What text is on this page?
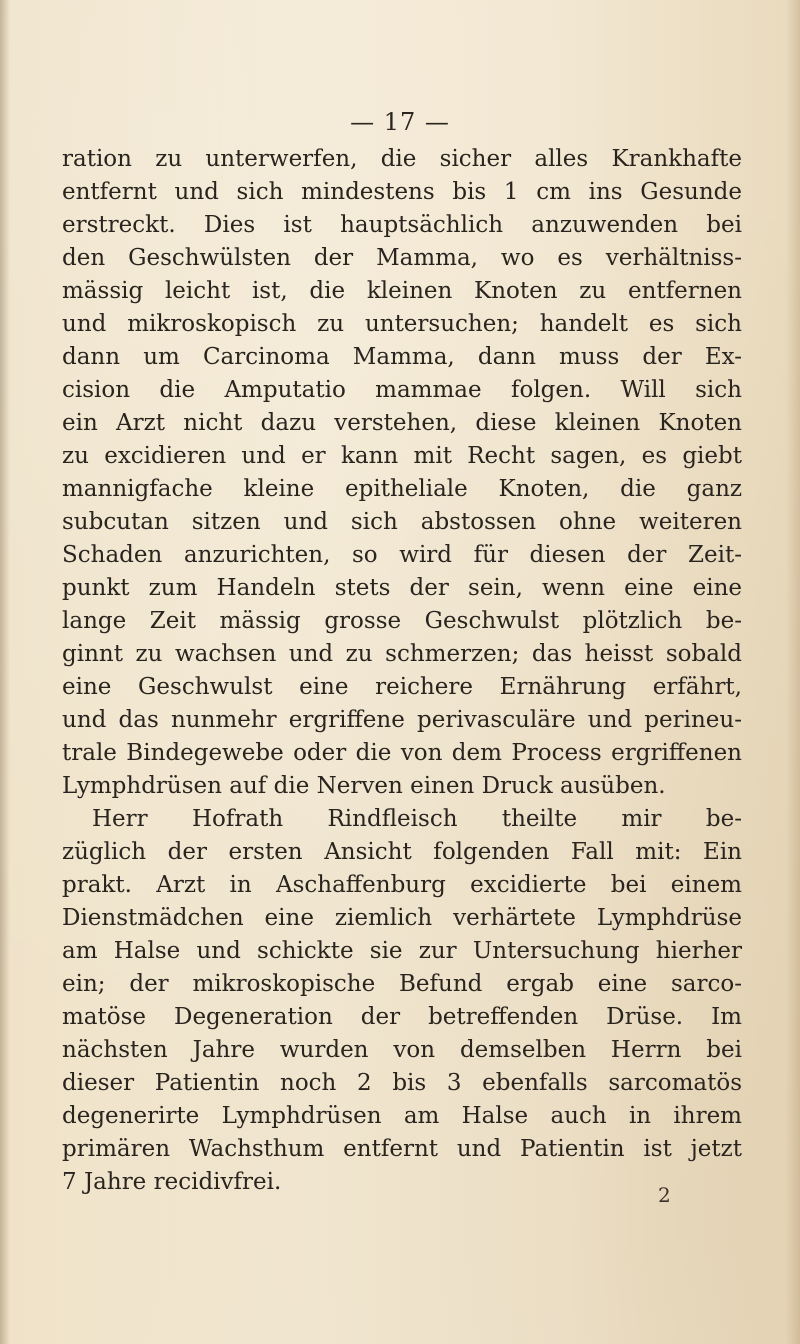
— 17 —
ration zu unterwerfen, die sicher alles Krankhafte
entfernt und sich mindestens bis 1 cm ins Gesunde
erstreckt. Dies ist hauptsächlich anzuwenden bei
den Geschwülsten der Mamma, wo es verhältniss-
mässig leicht ist, die kleinen Knoten zu entfernen
und mikroskopisch zu untersuchen; handelt es sich
dann um Carcinoma Mamma, dann muss der Ex-
cision die Amputatio mammae folgen. Will sich
ein Arzt nicht dazu verstehen, diese kleinen Knoten
zu excidieren und er kann mit Recht sagen, es giebt
mannigfache kleine epitheliale Knoten, die ganz
subcutan sitzen und sich abstossen ohne weiteren
Schaden anzurichten, so wird für diesen der Zeit-
punkt zum Handeln stets der sein, wenn eine eine
lange Zeit mässig grosse Geschwulst plötzlich be-
ginnt zu wachsen und zu schmerzen; das heisst sobald
eine Geschwulst eine reichere Ernährung erfährt,
und das nunmehr ergriffene perivasculäre und perineu-
trale Bindegewebe oder die von dem Process ergriffenen
Lymphdrüsen auf die Nerven einen Druck ausüben.
Herr Hofrath Rindfleisch theilte mir be-
züglich der ersten Ansicht folgenden Fall mit: Ein
prakt. Arzt in Aschaffenburg excidierte bei einem
Dienstmädchen eine ziemlich verhärtete Lymphdrüse
am Halse und schickte sie zur Untersuchung hierher
ein; der mikroskopische Befund ergab eine sarco-
matöse Degeneration der betreffenden Drüse. Im
nächsten Jahre wurden von demselben Herrn bei
dieser Patientin noch 2 bis 3 ebenfalls sarcomatös
degenerirte Lymphdrüsen am Halse auch in ihrem
primären Wachsthum entfernt und Patientin ist jetzt
7 Jahre recidivfrei.	2
